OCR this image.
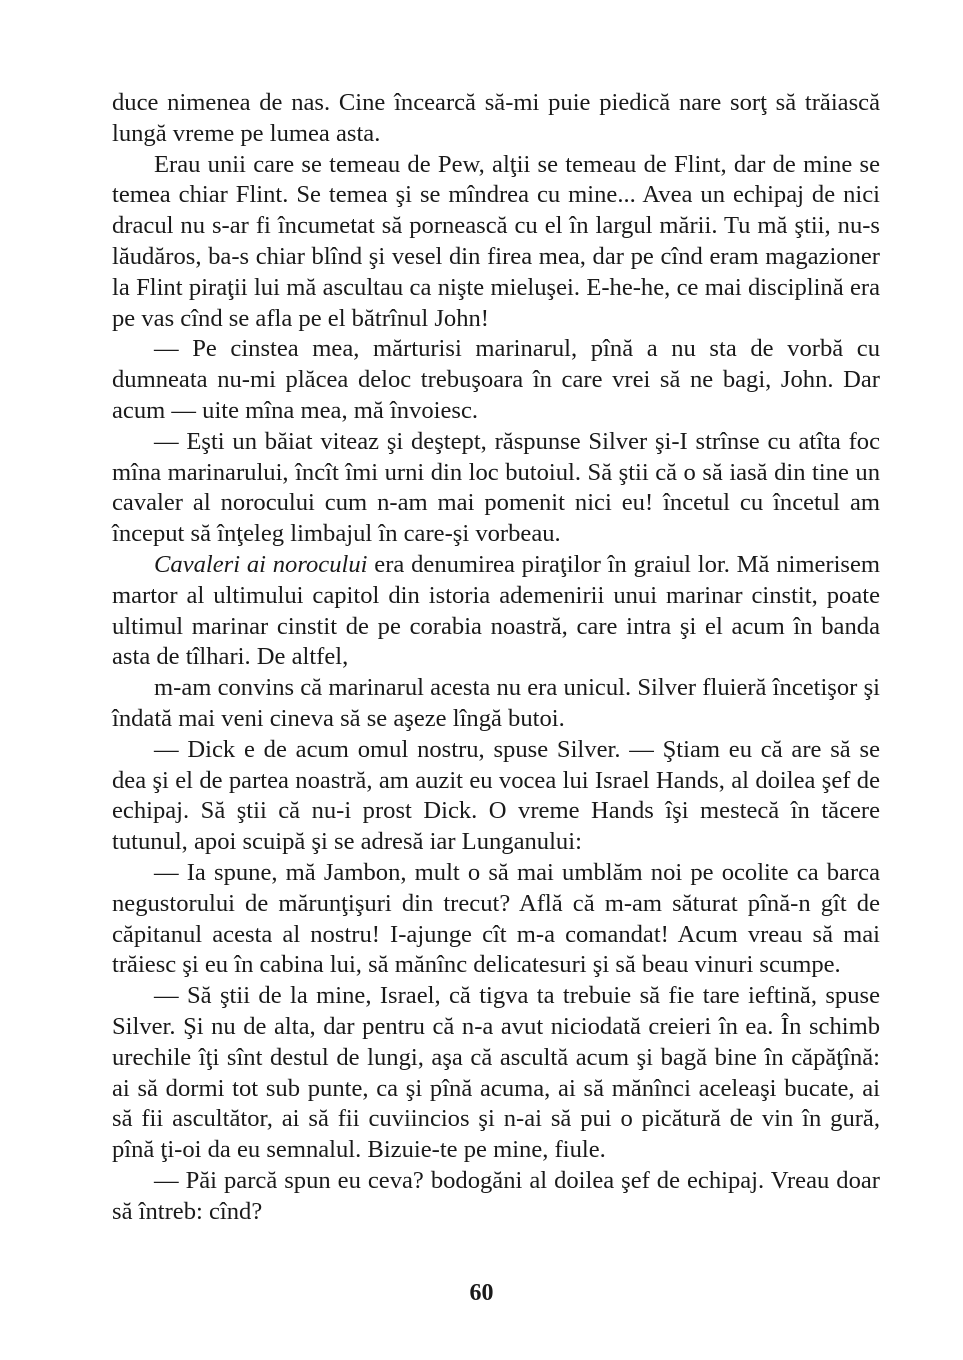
duce nimenea de nas. Cine încearcă să-mi puie piedică nare sorţ să trăiască lungă vreme pe lumea asta.

Erau unii care se temeau de Pew, alţii se temeau de Flint, dar de mine se temea chiar Flint. Se temea şi se mîndrea cu mine... Avea un echipaj de nici dracul nu s-ar fi încumetat să pornească cu el în largul mării. Tu mă ştii, nu-s lăudăros, ba-s chiar blînd şi vesel din firea mea, dar pe cînd eram magazioner la Flint piraţii lui mă ascultau ca nişte mieluşei. E-he-he, ce mai disciplină era pe vas cînd se afla pe el bătrînul John!

— Pe cinstea mea, mărturisi marinarul, pînă a nu sta de vorbă cu dumneata nu-mi plăcea deloc trebuşoara în care vrei să ne bagi, John. Dar acum — uite mîna mea, mă învoiesc.

— Eşti un băiat viteaz şi deştept, răspunse Silver şi-I strînse cu atîta foc mîna marinarului, încît îmi urni din loc butoiul. Să ştii că o să iasă din tine un cavaler al norocului cum n-am mai pomenit nici eu! încetul cu încetul am început să înţeleg limbajul în care-şi vorbeau.

Cavaleri ai norocului era denumirea piraţilor în graiul lor. Mă nimerisem martor al ultimului capitol din istoria ademenirii unui marinar cinstit, poate ultimul marinar cinstit de pe corabia noastră, care intra şi el acum în banda asta de tîlhari. De altfel,

m-am convins că marinarul acesta nu era unicul. Silver fluieră încetişor şi îndată mai veni cineva să se aşeze lîngă butoi.

— Dick e de acum omul nostru, spuse Silver. — Ştiam eu că are să se dea şi el de partea noastră, am auzit eu vocea lui Israel Hands, al doilea şef de echipaj. Să ştii că nu-i prost Dick. O vreme Hands îşi mestecă în tăcere tutunul, apoi scuipă şi se adresă iar Lunganului:

— Ia spune, mă Jambon, mult o să mai umblăm noi pe ocolite ca barca negustorului de mărunţişuri din trecut? Află că m-am săturat pînă-n gît de căpitanul acesta al nostru! I-ajunge cît m-a comandat! Acum vreau să mai trăiesc şi eu în cabina lui, să mănînc delicatesuri şi să beau vinuri scumpe.

— Să ştii de la mine, Israel, că tigva ta trebuie să fie tare ieftină, spuse Silver. Şi nu de alta, dar pentru că n-a avut niciodată creieri în ea. În schimb urechile îţi sînt destul de lungi, aşa că ascultă acum şi bagă bine în căpăţînă: ai să dormi tot sub punte, ca şi pînă acuma, ai să mănînci aceleaşi bucate, ai să fii ascultător, ai să fii cuviincios şi n-ai să pui o picătură de vin în gură, pînă ţi-oi da eu semnalul. Bizuie-te pe mine, fiule.

— Păi parcă spun eu ceva? bodogăni al doilea şef de echipaj. Vreau doar să întreb: cînd?

60
